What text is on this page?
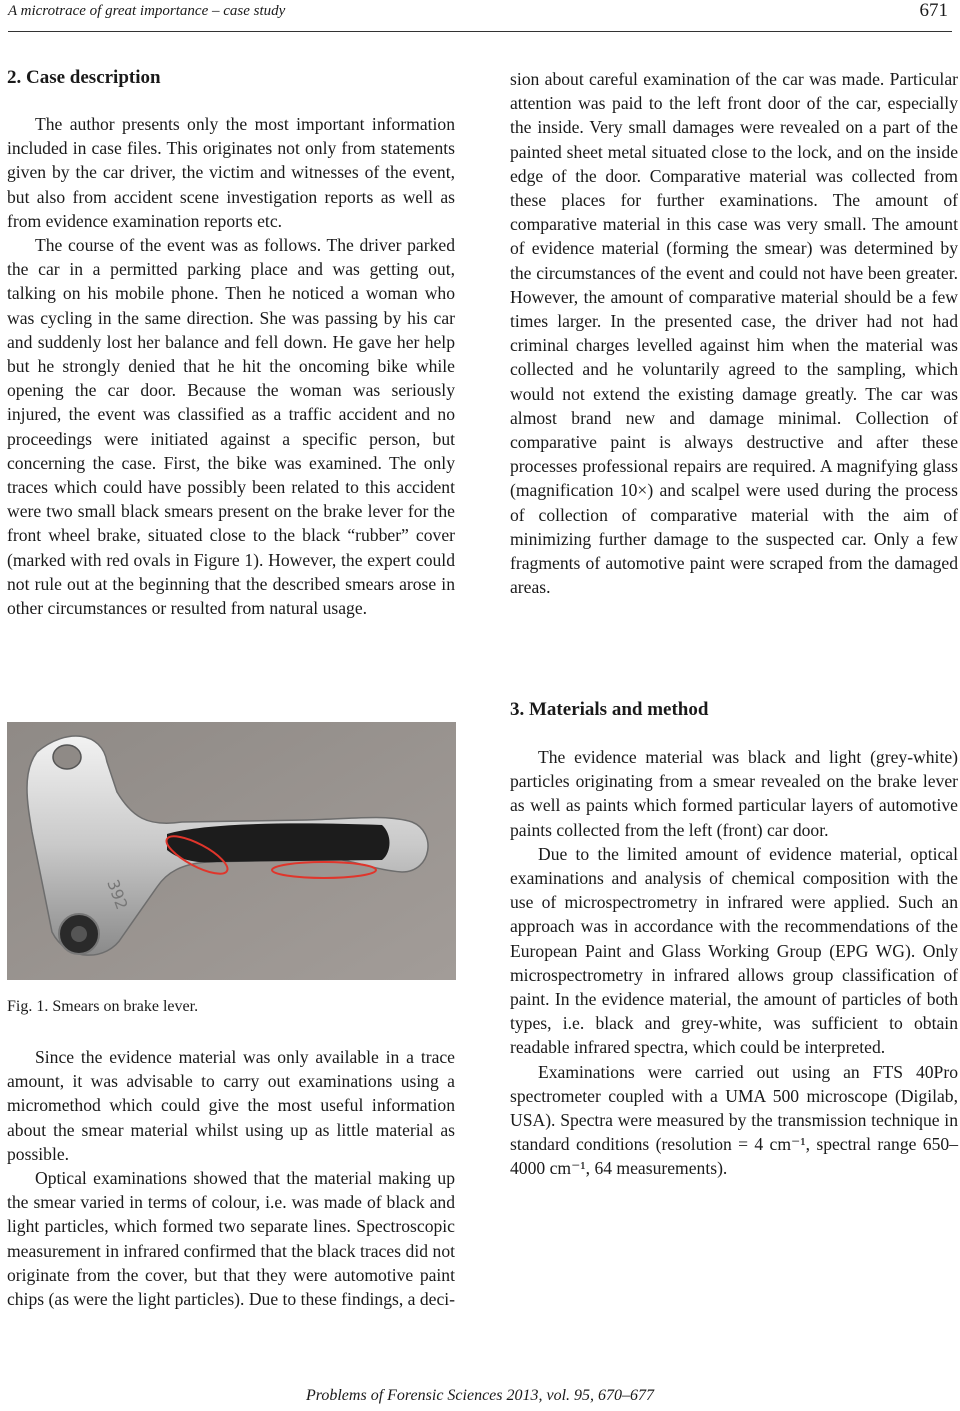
A microtrace of great importance – case study	671
2. Case description

The author presents only the most important information included in case files. This originates not only from statements given by the car driver, the victim and witnesses of the event, but also from accident scene investigation reports as well as from evidence examination reports etc.

The course of the event was as follows. The driver parked the car in a permitted parking place and was getting out, talking on his mobile phone. Then he noticed a woman who was cycling in the same direction. She was passing by his car and suddenly lost her balance and fell down. He gave her help but he strongly denied that he hit the oncoming bike while opening the car door. Because the woman was seriously injured, the event was classified as a traffic accident and no proceedings were initiated against a specific person, but concerning the case. First, the bike was examined. The only traces which could have possibly been related to this accident were two small black smears present on the brake lever for the front wheel brake, situated close to the black “rubber” cover (marked with red ovals in Figure 1). However, the expert could not rule out at the beginning that the described smears arose in other circumstances or resulted from natural usage.

392
Fig. 1. Smears on brake lever.

Since the evidence material was only available in a trace amount, it was advisable to carry out examinations using a micromethod which could give the most useful information about the smear material whilst using up as little material as possible.

Optical examinations showed that the material making up the smear varied in terms of colour, i.e. was made of black and light particles, which formed two separate lines. Spectroscopic measurement in infrared confirmed that the black traces did not originate from the cover, but that they were automotive paint chips (as were the light particles). Due to these findings, a deci-

sion about careful examination of the car was made. Particular attention was paid to the left front door of the car, especially the inside. Very small damages were revealed on a part of the painted sheet metal situated close to the lock, and on the inside edge of the door. Comparative material was collected from these places for further examinations. The amount of comparative material in this case was very small. The amount of evidence material (forming the smear) was determined by the circumstances of the event and could not have been greater. However, the amount of comparative material should be a few times larger. In the presented case, the driver had not had criminal charges levelled against him when the material was collected and he voluntarily agreed to the sampling, which would not extend the existing damage greatly. The car was almost brand new and damage minimal. Collection of comparative paint is always destructive and after these processes professional repairs are required. A magnifying glass (magnification 10×) and scalpel were used during the process of collection of comparative material with the aim of minimizing further damage to the suspected car. Only a few fragments of automotive paint were scraped from the damaged areas.

3. Materials and method

The evidence material was black and light (grey-white) particles originating from a smear revealed on the brake lever as well as paints which formed particular layers of automotive paints collected from the left (front) car door.

Due to the limited amount of evidence material, optical examinations and analysis of chemical composition with the use of microspectrometry in infrared were applied. Such an approach was in accordance with the recommendations of the European Paint and Glass Working Group (EPG WG). Only microspectrometry in infrared allows group classification of paint. In the evidence material, the amount of particles of both types, i.e. black and grey-white, was sufficient to obtain readable infrared spectra, which could be interpreted.

Examinations were carried out using an FTS 40Pro spectrometer coupled with a UMA 500 microscope (Digilab, USA). Spectra were measured by the transmission technique in standard conditions (resolution = 4 cm⁻¹, spectral range 650–4000 cm⁻¹, 64 measurements).

Problems of Forensic Sciences 2013, vol. 95, 670–677
